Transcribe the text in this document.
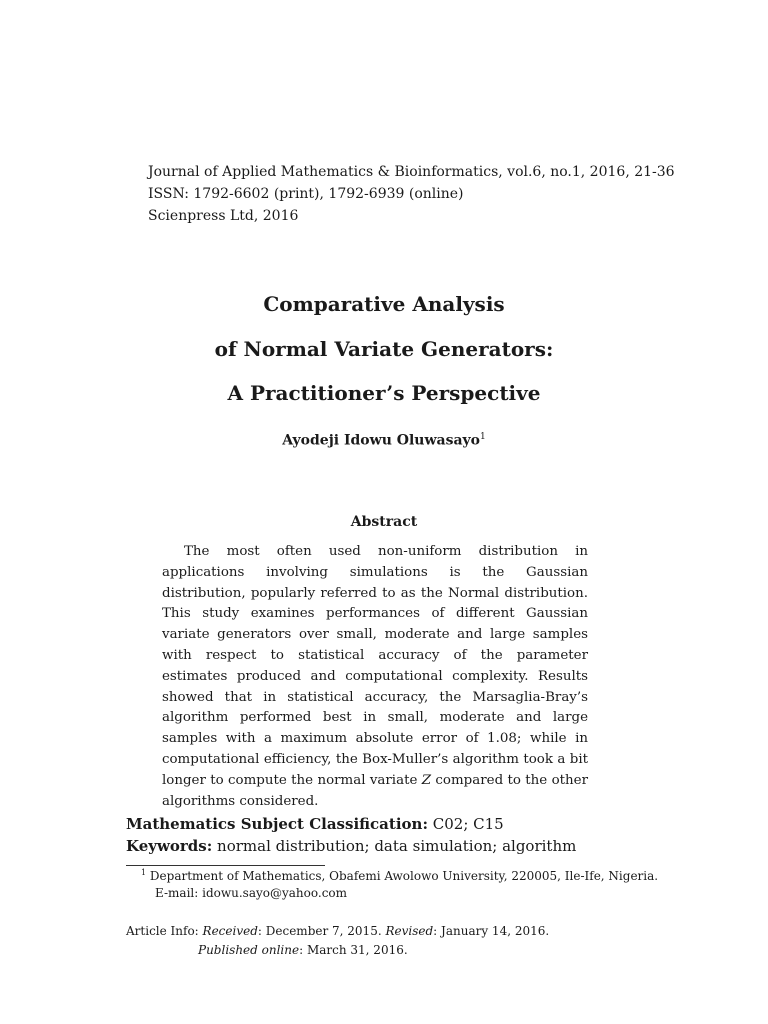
Journal of Applied Mathematics & Bioinformatics, vol.6, no.1, 2016, 21-36
ISSN: 1792-6602 (print), 1792-6939 (online)
Scienpress Ltd, 2016
Comparative Analysis
of Normal Variate Generators:
A Practitioner’s Perspective
Ayodeji Idowu Oluwasayo$^1$
Abstract
The most often used non-uniform distribution in applications involving simulations is the Gaussian distribution, popularly referred to as the Normal distribution. This study examines performances of different Gaussian variate generators over small, moderate and large samples with respect to statistical accuracy of the parameter estimates produced and computational complexity. Results showed that in statistical accuracy, the Marsaglia-Bray’s algorithm performed best in small, moderate and large samples with a maximum absolute error of 1.08; while in computational efficiency, the Box-Muller’s algorithm took a bit longer to compute the normal variate Z compared to the other algorithms considered.
Mathematics Subject Classification: C02; C15
Keywords: normal distribution; data simulation; algorithm
$^1$ Department of Mathematics, Obafemi Awolowo University, 220005, Ile-Ife, Nigeria.
E-mail: idowu.sayo@yahoo.com
Article Info: Received: December 7, 2015. Revised: January 14, 2016.
Published online: March 31, 2016.
